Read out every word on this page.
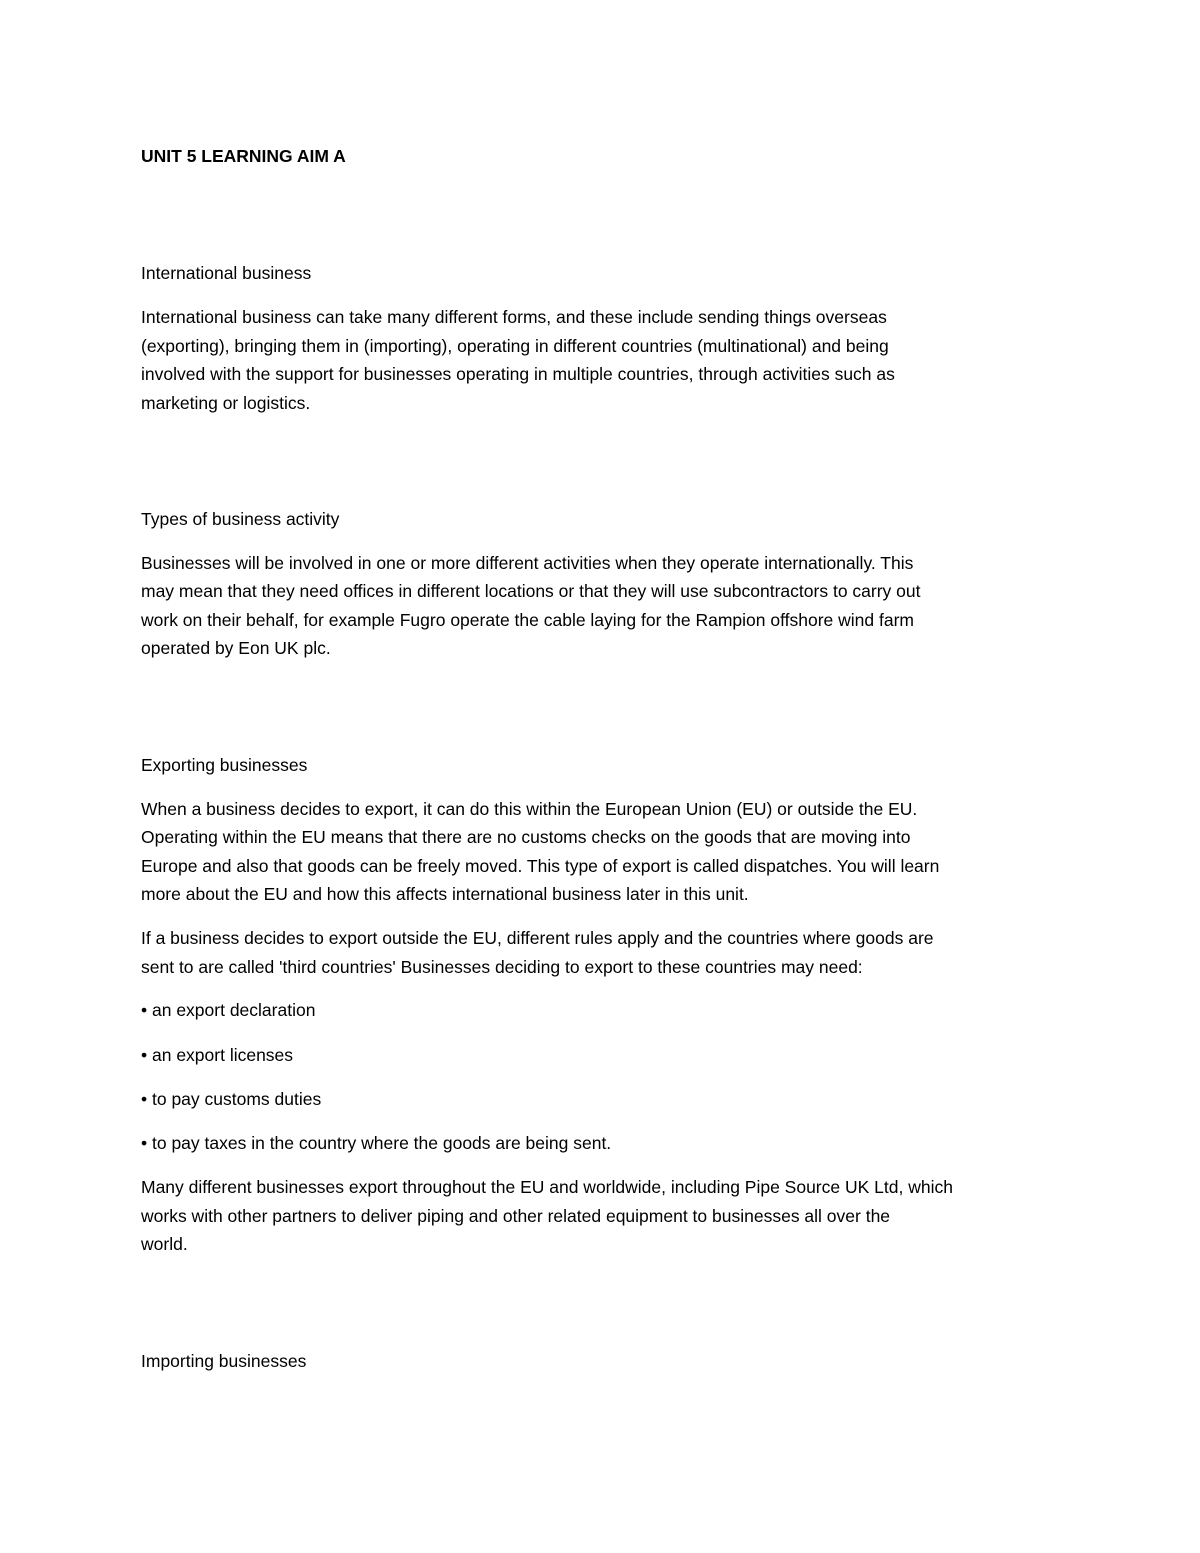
UNIT 5 LEARNING AIM A
International business
International business can take many different forms, and these include sending things overseas
(exporting), bringing them in (importing), operating in different countries (multinational) and being
involved with the support for businesses operating in multiple countries, through activities such as
marketing or logistics.
Types of business activity
Businesses will be involved in one or more different activities when they operate internationally. This
may mean that they need offices in different locations or that they will use subcontractors to carry out
work on their behalf, for example Fugro operate the cable laying for the Rampion offshore wind farm
operated by Eon UK plc.
Exporting businesses
When a business decides to export, it can do this within the European Union (EU) or outside the EU.
Operating within the EU means that there are no customs checks on the goods that are moving into
Europe and also that goods can be freely moved. This type of export is called dispatches. You will learn
more about the EU and how this affects international business later in this unit.
If a business decides to export outside the EU, different rules apply and the countries where goods are
sent to are called 'third countries' Businesses deciding to export to these countries may need:
• an export declaration
• an export licenses
• to pay customs duties
• to pay taxes in the country where the goods are being sent.
Many different businesses export throughout the EU and worldwide, including Pipe Source UK Ltd, which
works with other partners to deliver piping and other related equipment to businesses all over the
world.
Importing businesses
